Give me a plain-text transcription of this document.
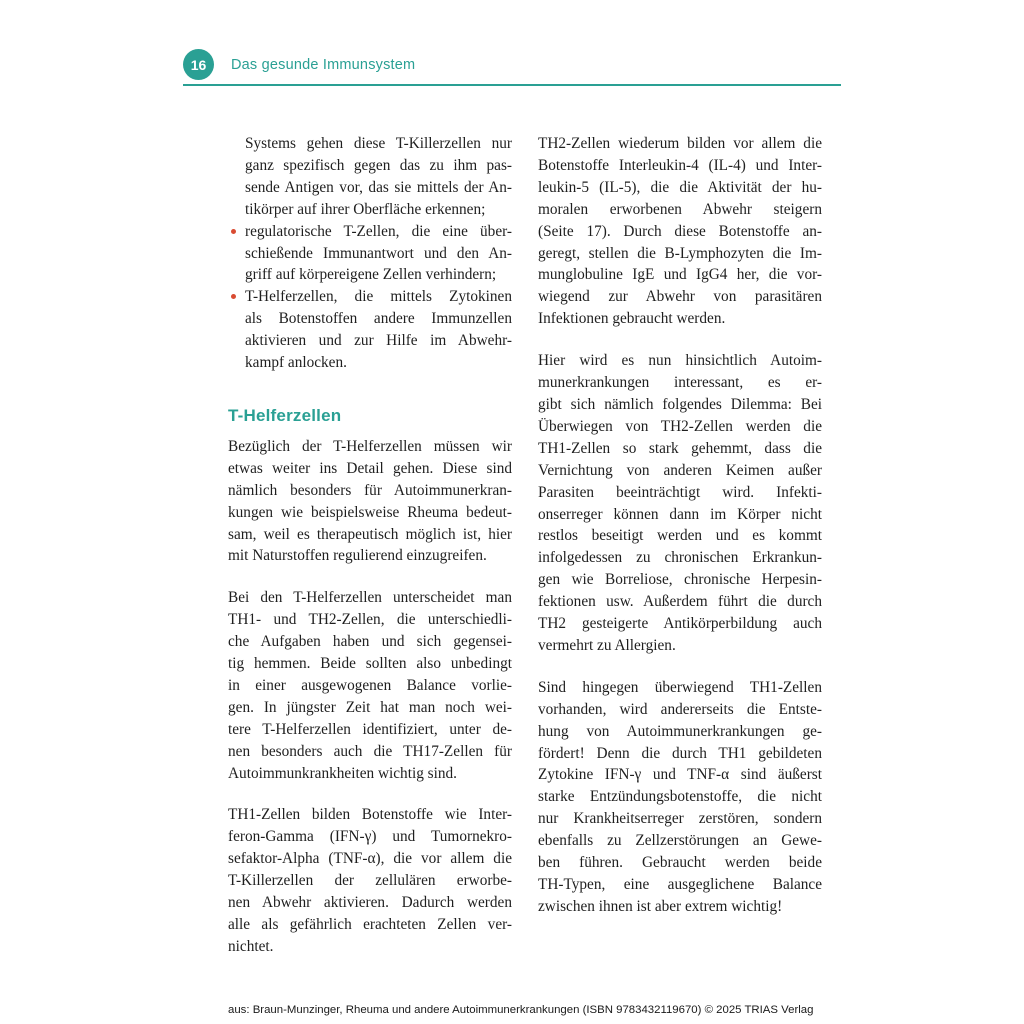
16 Das gesunde Immunsystem
Systems gehen diese T-Killerzellen nur
ganz spezifisch gegen das zu ihm pas-
sende Antigen vor, das sie mittels der An-
tikörper auf ihrer Oberfläche erkennen;
regulatorische T-Zellen, die eine über-
schießende Immunantwort und den An-
griff auf körpereigene Zellen verhindern;
T-Helferzellen, die mittels Zytokinen
als Botenstoffen andere Immunzellen
aktivieren und zur Hilfe im Abwehr-
kampf anlocken.
T-Helferzellen
Bezüglich der T-Helferzellen müssen wir
etwas weiter ins Detail gehen. Diese sind
nämlich besonders für Autoimmunerkran-
kungen wie beispielsweise Rheuma bedeut-
sam, weil es therapeutisch möglich ist, hier
mit Naturstoffen regulierend einzugreifen.
Bei den T-Helferzellen unterscheidet man
TH1- und TH2-Zellen, die unterschiedli-
che Aufgaben haben und sich gegensei-
tig hemmen. Beide sollten also unbedingt
in einer ausgewogenen Balance vorlie-
gen. In jüngster Zeit hat man noch wei-
tere T-Helferzellen identifiziert, unter de-
nen besonders auch die TH17-Zellen für
Autoimmunkrankheiten wichtig sind.
TH1-Zellen bilden Botenstoffe wie Inter-
feron-Gamma (IFN-γ) und Tumornekro-
sefaktor-Alpha (TNF-α), die vor allem die
T-Killerzellen der zellulären erworbe-
nen Abwehr aktivieren. Dadurch werden
alle als gefährlich erachteten Zellen ver-
nichtet.
TH2-Zellen wiederum bilden vor allem die
Botenstoffe Interleukin-4 (IL-4) und Inter-
leukin-5 (IL-5), die die Aktivität der hu-
moralen erworbenen Abwehr steigern
(Seite 17). Durch diese Botenstoffe an-
geregt, stellen die B-Lymphozyten die Im-
munglobuline IgE und IgG4 her, die vor-
wiegend zur Abwehr von parasitären
Infektionen gebraucht werden.
Hier wird es nun hinsichtlich Autoim-
munerkrankungen interessant, es er-
gibt sich nämlich folgendes Dilemma: Bei
Überwiegen von TH2-Zellen werden die
TH1-Zellen so stark gehemmt, dass die
Vernichtung von anderen Keimen außer
Parasiten beeinträchtigt wird. Infekti-
onserreger können dann im Körper nicht
restlos beseitigt werden und es kommt
infolgedessen zu chronischen Erkrankun-
gen wie Borreliose, chronische Herpesin-
fektionen usw. Außerdem führt die durch
TH2 gesteigerte Antikörperbildung auch
vermehrt zu Allergien.
Sind hingegen überwiegend TH1-Zellen
vorhanden, wird andererseits die Entste-
hung von Autoimmunerkrankungen ge-
fördert! Denn die durch TH1 gebildeten
Zytokine IFN-γ und TNF-α sind äußerst
starke Entzündungsbotenstoffe, die nicht
nur Krankheitserreger zerstören, sondern
ebenfalls zu Zellzerstörungen an Gewe-
ben führen. Gebraucht werden beide
TH-Typen, eine ausgeglichene Balance
zwischen ihnen ist aber extrem wichtig!
aus: Braun-Munzinger, Rheuma und andere Autoimmunerkrankungen (ISBN 9783432119670) © 2025 TRIAS Verlag
